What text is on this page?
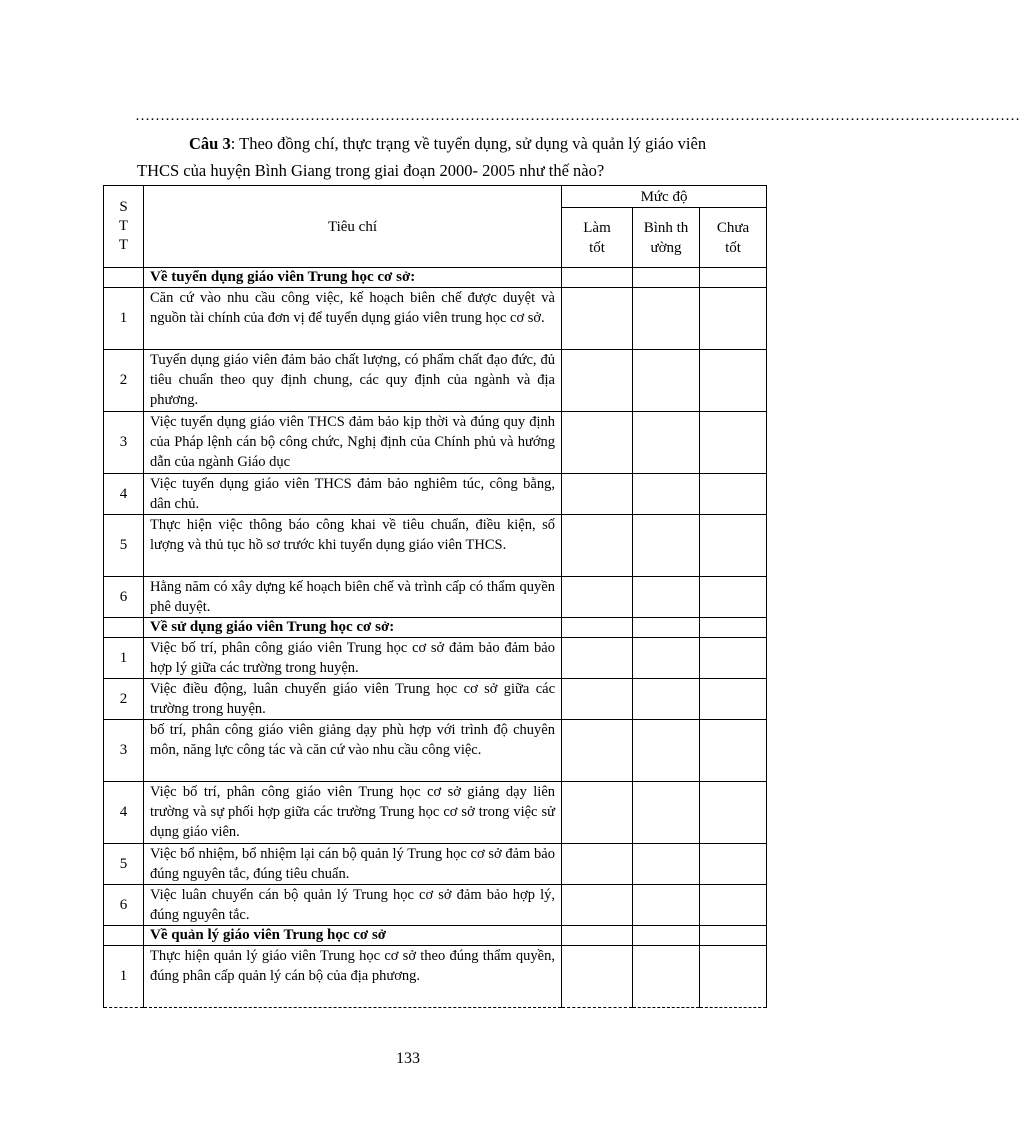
……………………………………………………………………………………………………………………………………………………………
Câu 3: Theo đồng chí, thực trạng về tuyển dụng, sử dụng và quản lý giáo viên THCS của huyện Bình Giang trong giai đoạn 2000- 2005 như thế nào?
S T T	Tiêu chí	Mức độ		
		Làm tốt	Bình thường	Chưa tốt
	Về tuyển dụng giáo viên Trung học cơ sở:			
1	Căn cứ vào nhu cầu công việc, kế hoạch biên chế được duyệt và nguồn tài chính của đơn vị để tuyển dụng giáo viên trung học cơ sở.			
2	Tuyển dụng giáo viên đảm bảo chất lượng, có phẩm chất đạo đức, đủ tiêu chuẩn theo quy định chung, các quy định của ngành và địa phương.			
3	Việc tuyển dụng giáo viên THCS đảm bảo kịp thời và đúng quy định của Pháp lệnh cán bộ công chức, Nghị định của Chính phủ và hướng dẫn của ngành Giáo dục			
4	Việc tuyển dụng giáo viên THCS đảm bảo nghiêm túc, công bằng, dân chủ.			
5	Thực hiện việc thông báo công khai về tiêu chuẩn, điều kiện, số lượng và thủ tục hồ sơ trước khi tuyển dụng giáo viên THCS.			
6	Hằng năm có xây dựng kế hoạch biên chế và trình cấp có thẩm quyền phê duyệt.			
	Về sử dụng giáo viên Trung học cơ sở:			
1	Việc bố trí, phân công giáo viên Trung học cơ sở đảm bảo đảm bảo hợp lý giữa các trường trong huyện.			
2	Việc điều động, luân chuyển giáo viên Trung học cơ sở giữa các trường trong huyện.			
3	bố trí, phân công giáo viên giảng dạy phù hợp với trình độ chuyên môn, năng lực công tác và căn cứ vào nhu cầu công việc.			
4	Việc bố trí, phân công giáo viên Trung học cơ sở giảng dạy liên trường và sự phối hợp giữa các trường Trung học cơ sở trong việc sử dụng giáo viên.			
5	Việc bổ nhiệm, bổ nhiệm lại cán bộ quản lý Trung học cơ sở đảm bảo đúng nguyên tắc, đúng tiêu chuẩn.			
6	Việc luân chuyển cán bộ quản lý Trung học cơ sở đảm bảo hợp lý, đúng nguyên tắc.			
	Về quản lý giáo viên Trung học cơ sở			
1	Thực hiện quản lý giáo viên Trung học cơ sở theo đúng thẩm quyền, đúng phân cấp quản lý cán bộ của địa phương.			
133
